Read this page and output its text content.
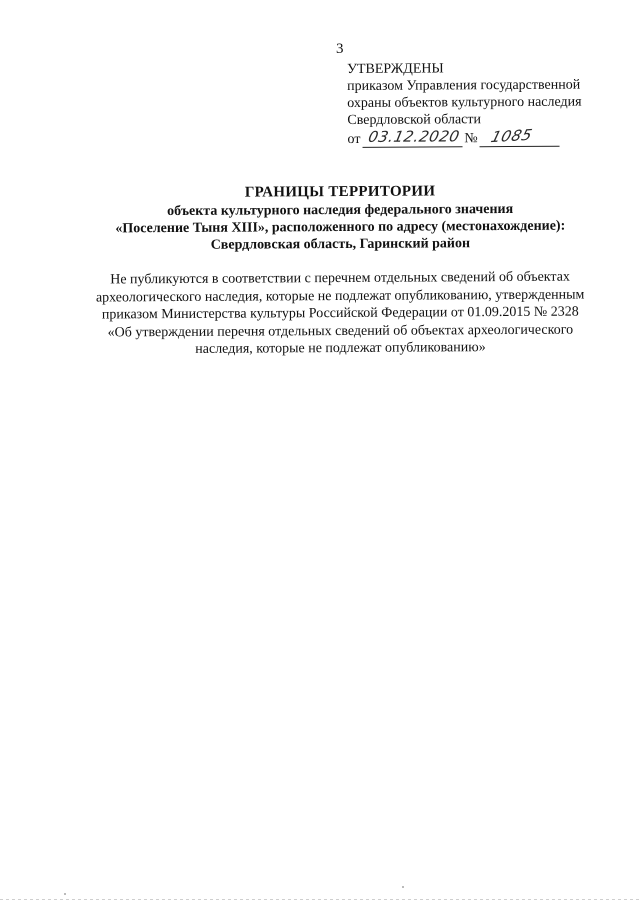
3
УТВЕРЖДЕНЫ
приказом Управления государственной
охраны объектов культурного наследия
Свердловской области
от 03.12.2020 № 1085
ГРАНИЦЫ ТЕРРИТОРИИ
объекта культурного наследия федерального значения
«Поселение Тыня XIII», расположенного по адресу (местонахождение):
Свердловская область, Гаринский район
Не публикуются в соответствии с перечнем отдельных сведений об объектах
археологического наследия, которые не подлежат опубликованию, утвержденным
приказом Министерства культуры Российской Федерации от 01.09.2015 № 2328
«Об утверждении перечня отдельных сведений об объектах археологического
наследия, которые не подлежат опубликованию»
